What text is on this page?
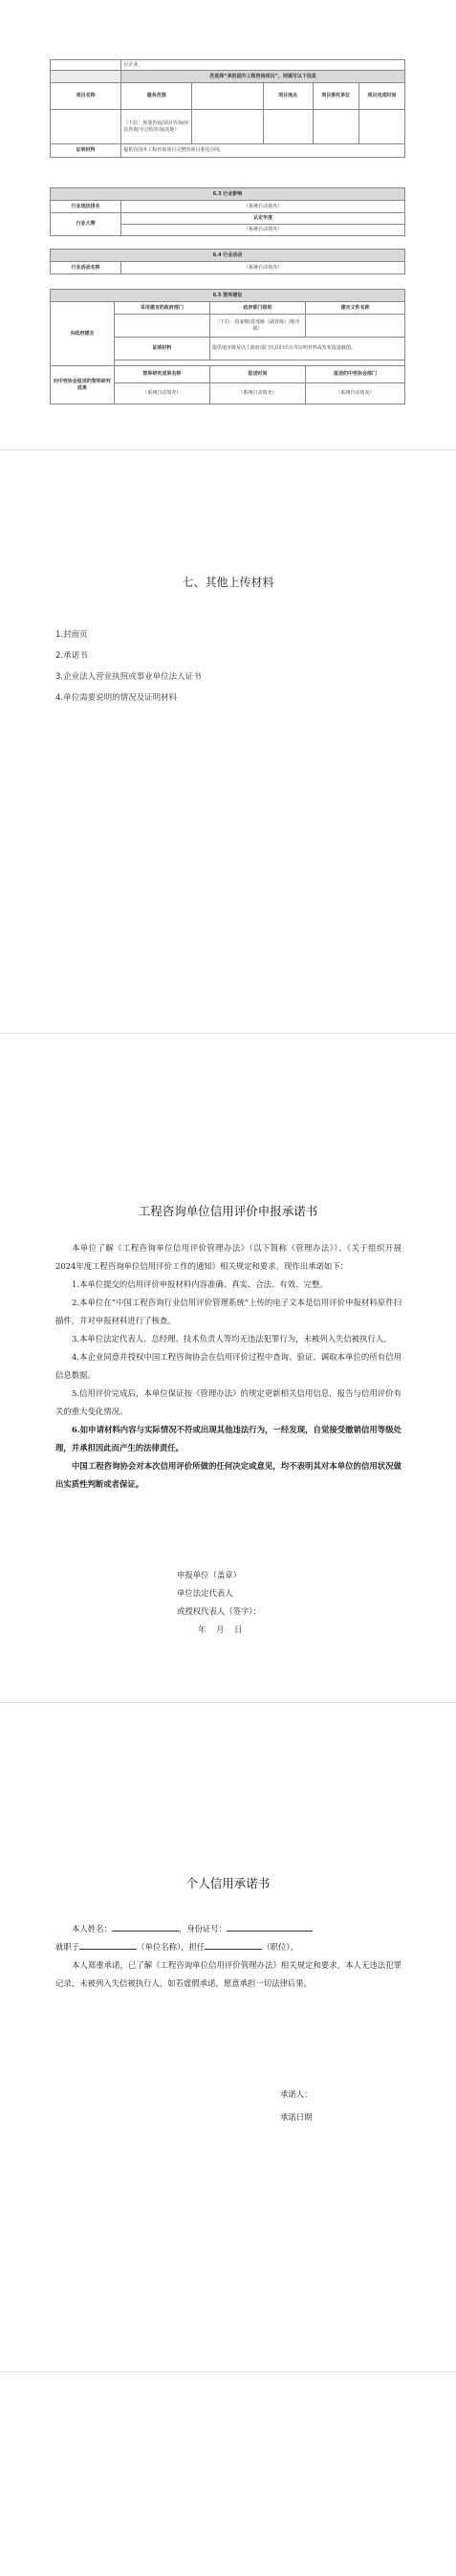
	位企业。				
	若选择“承担国外工程咨询项目”，则填写以下信息				
项目名称	服务范围		项目地点	项目委托单位	项目完成时间
	（下拉：规划咨询/项目咨询/评估咨询/全过程咨询/其他）				
证明材料	提供在国外工程咨询项目完整的项目委托合同。				
6.3 行业影响	
行业现状排名	（系统自动填充）
行业大牌	认定年度
	（系统自动填充）
6.4 行业活动
行业活动名称	（系统自动填充）
6.5 智库建设			
央政府建言	采用建言的政府部门	政府部门级别	建言文件名称
		（下拉：国家级/省部级（副省级）/地市级）	
	证明材料	提供地市级及以上政府部门出具的出台等证明材料或发布报道截图。	

向中咨协会报送的智库研究成果	智库研究成果名称	报送时间	报送的中咨协会部门
	（系统自动填充）	（系统自动填充）	（系统自动填充）
七、其他上传材料
1.封面页
2.承诺书
3.企业法人营业执照或事业单位法人证书
4.单位需要说明的情况及证明材料
工程咨询单位信用评价申报承诺书

本单位了解《工程咨询单位信用评价管理办法》（以下简称《管理办法》）、《关于组织开展2024年度工程咨询单位信用评价工作的通知》相关规定和要求，现作出承诺如下：

1.本单位提交的信用评价申报材料内容准确、真实、合法、有效、完整。

2.本单位在“中国工程咨询行业信用评价管理系统”上传的电子文本是信用评价申报材料原件扫描件，并对申报材料进行了核查。

3.本单位法定代表人、总经理、技术负责人等均无违法犯罪行为，未被列入失信被执行人。

4.本企业同意并授权中国工程咨询协会在信用评价过程中查询、验证、调取本单位的所有信用信息数据。

5.信用评价完成后，本单位保证按《管理办法》的规定更新相关信用信息，报告与信用评价有关的重大变化情况。

6.如申请材料内容与实际情况不符或出现其他违法行为，一经发现，自觉接受撤销信用等级处理，并承担因此而产生的法律责任。

中国工程咨询协会对本次信用评价所做的任何决定或意见，均不表明其对本单位的信用状况做出实质性判断或者保证。

申报单位（盖章）
单位法定代表人
或授权代表人（签字）：
年    月    日
个人信用承诺书

本人姓名：	，身份证号：

就职于	（单位名称），担任	（职位）。

本人郑重承诺，已了解《工程咨询单位信用评价管理办法》相关规定和要求，本人无违法犯罪记录，未被列入失信被执行人，如若虚假承诺，愿意承担一切法律后果。

承诺人：
承诺日期
